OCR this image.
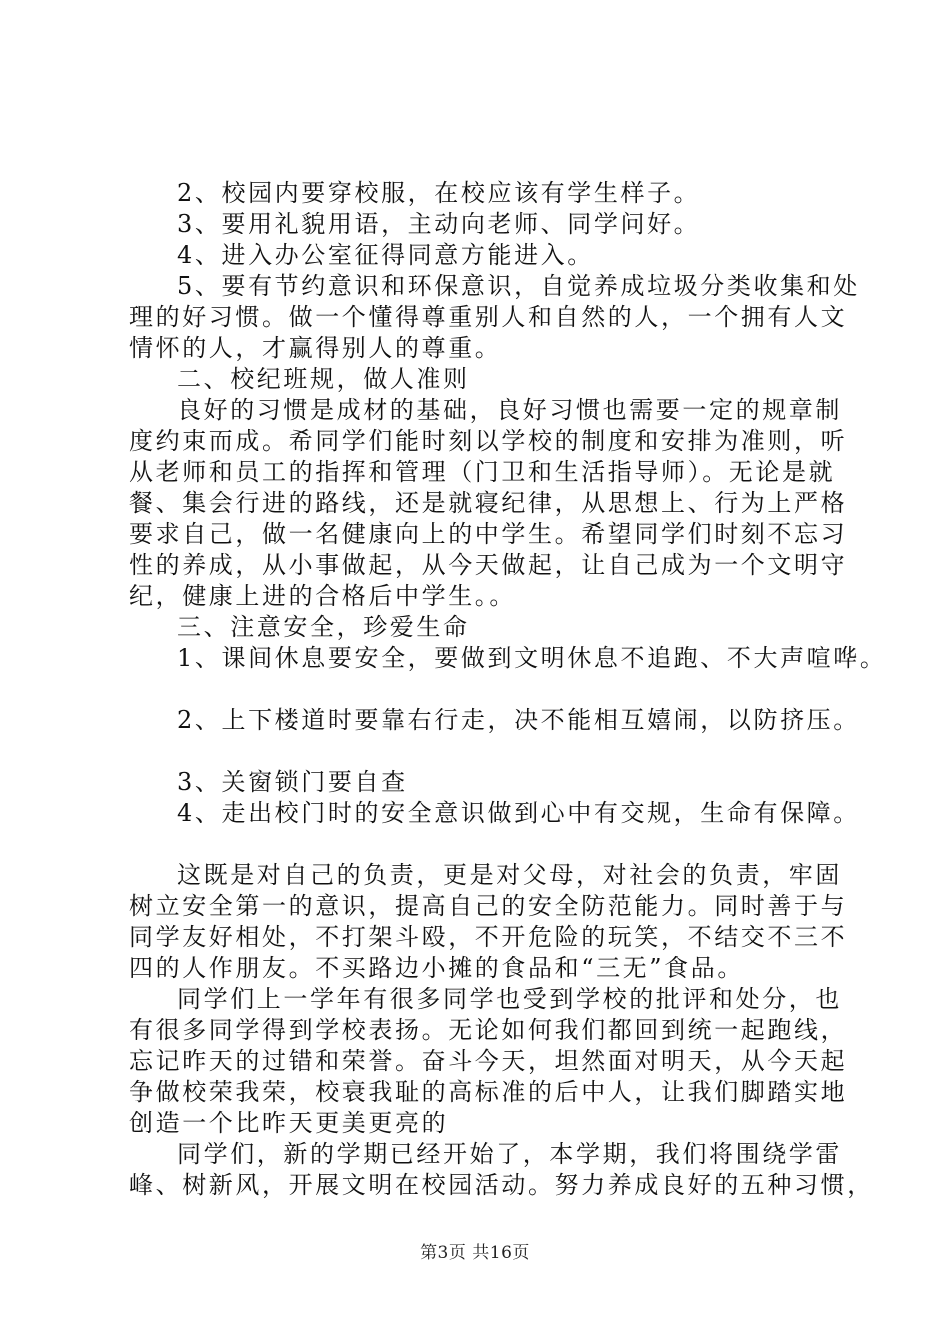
2、校园内要穿校服，在校应该有学生样子。
3、要用礼貌用语，主动向老师、同学问好。
4、进入办公室征得同意方能进入。
5、要有节约意识和环保意识，自觉养成垃圾分类收集和处
理的好习惯。做一个懂得尊重别人和自然的人，一个拥有人文
情怀的人，才赢得别人的尊重。
二、校纪班规，做人准则
良好的习惯是成材的基础，良好习惯也需要一定的规章制
度约束而成。希同学们能时刻以学校的制度和安排为准则，听
从老师和员工的指挥和管理（门卫和生活指导师）。无论是就
餐、集会行进的路线，还是就寝纪律，从思想上、行为上严格
要求自己，做一名健康向上的中学生。希望同学们时刻不忘习
性的养成，从小事做起，从今天做起，让自己成为一个文明守
纪，健康上进的合格后中学生。。
三、注意安全，珍爱生命
1、课间休息要安全，要做到文明休息不追跑、不大声喧哗。
2、上下楼道时要靠右行走，决不能相互嬉闹，以防挤压。
3、关窗锁门要自查
4、走出校门时的安全意识做到心中有交规，生命有保障。
这既是对自己的负责，更是对父母，对社会的负责，牢固
树立安全第一的意识，提高自己的安全防范能力。同时善于与
同学友好相处，不打架斗殴，不开危险的玩笑，不结交不三不
四的人作朋友。不买路边小摊的食品和“三无”食品。
同学们上一学年有很多同学也受到学校的批评和处分，也
有很多同学得到学校表扬。无论如何我们都回到统一起跑线，
忘记昨天的过错和荣誉。奋斗今天，坦然面对明天，从今天起
争做校荣我荣，校衰我耻的高标准的后中人，让我们脚踏实地
创造一个比昨天更美更亮的
同学们，新的学期已经开始了，本学期，我们将围绕学雷
峰、树新风，开展文明在校园活动。努力养成良好的五种习惯，
第3页 共16页
